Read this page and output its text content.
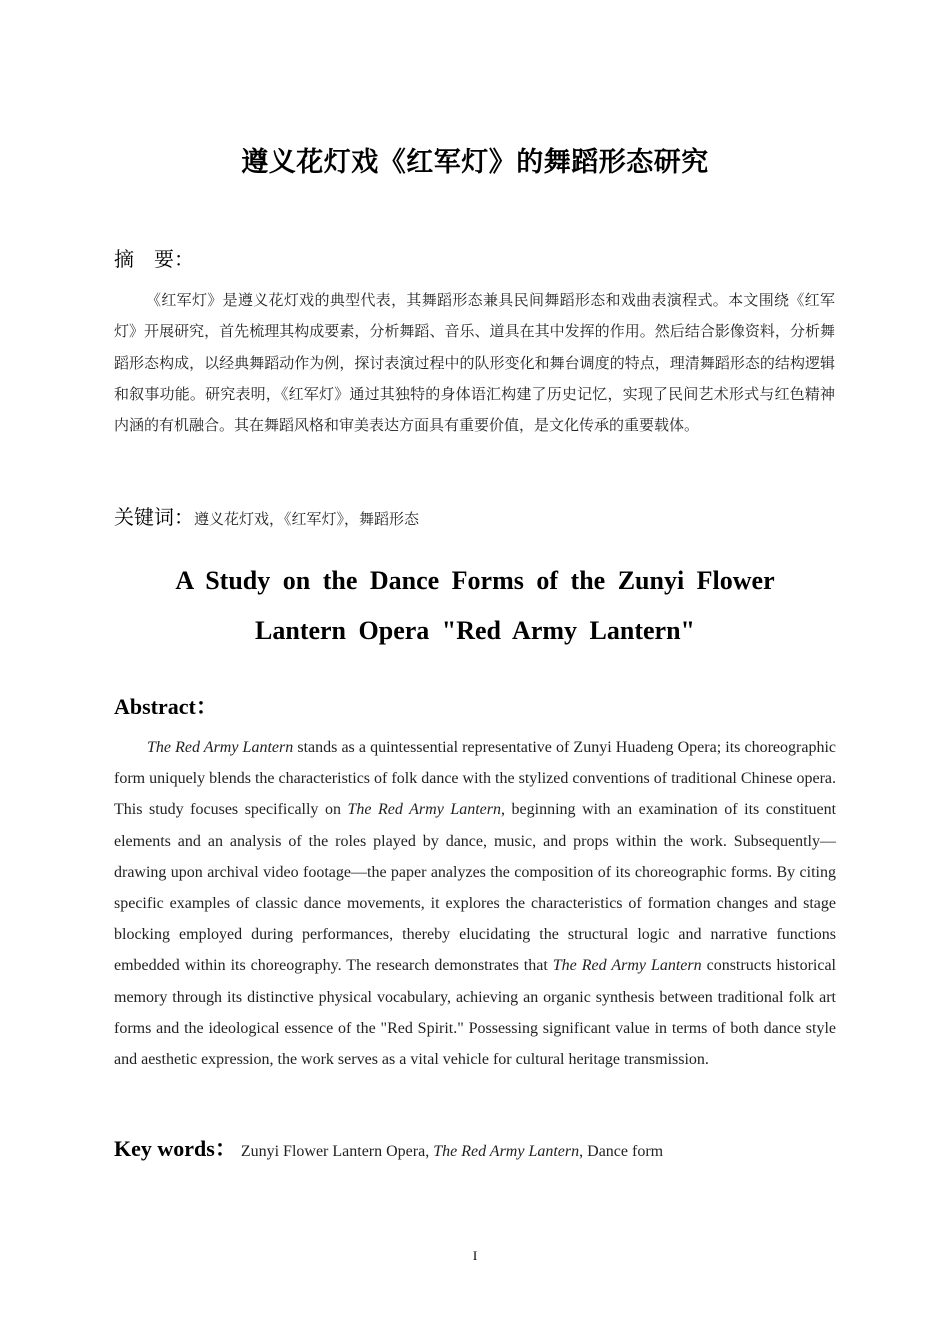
遵义花灯戏《红军灯》的舞蹈形态研究
摘 要：
《红军灯》是遵义花灯戏的典型代表，其舞蹈形态兼具民间舞蹈形态和戏曲表演程式。本文围绕《红军灯》开展研究，首先梳理其构成要素，分析舞蹈、音乐、道具在其中发挥的作用。然后结合影像资料，分析舞蹈形态构成，以经典舞蹈动作为例，探讨表演过程中的队形变化和舞台调度的特点，理清舞蹈形态的结构逻辑和叙事功能。研究表明，《红军灯》通过其独特的身体语汇构建了历史记忆，实现了民间艺术形式与红色精神内涵的有机融合。其在舞蹈风格和审美表达方面具有重要价值，是文化传承的重要载体。
关键词：遵义花灯戏，《红军灯》，舞蹈形态
A Study on the Dance Forms of the Zunyi Flower Lantern Opera "Red Army Lantern"
Abstract：
The Red Army Lantern stands as a quintessential representative of Zunyi Huadeng Opera; its choreographic form uniquely blends the characteristics of folk dance with the stylized conventions of traditional Chinese opera. This study focuses specifically on The Red Army Lantern, beginning with an examination of its constituent elements and an analysis of the roles played by dance, music, and props within the work. Subsequently—drawing upon archival video footage—the paper analyzes the composition of its choreographic forms. By citing specific examples of classic dance movements, it explores the characteristics of formation changes and stage blocking employed during performances, thereby elucidating the structural logic and narrative functions embedded within its choreography. The research demonstrates that The Red Army Lantern constructs historical memory through its distinctive physical vocabulary, achieving an organic synthesis between traditional folk art forms and the ideological essence of the "Red Spirit." Possessing significant value in terms of both dance style and aesthetic expression, the work serves as a vital vehicle for cultural heritage transmission.
Key words： Zunyi Flower Lantern Opera, The Red Army Lantern, Dance form
I
